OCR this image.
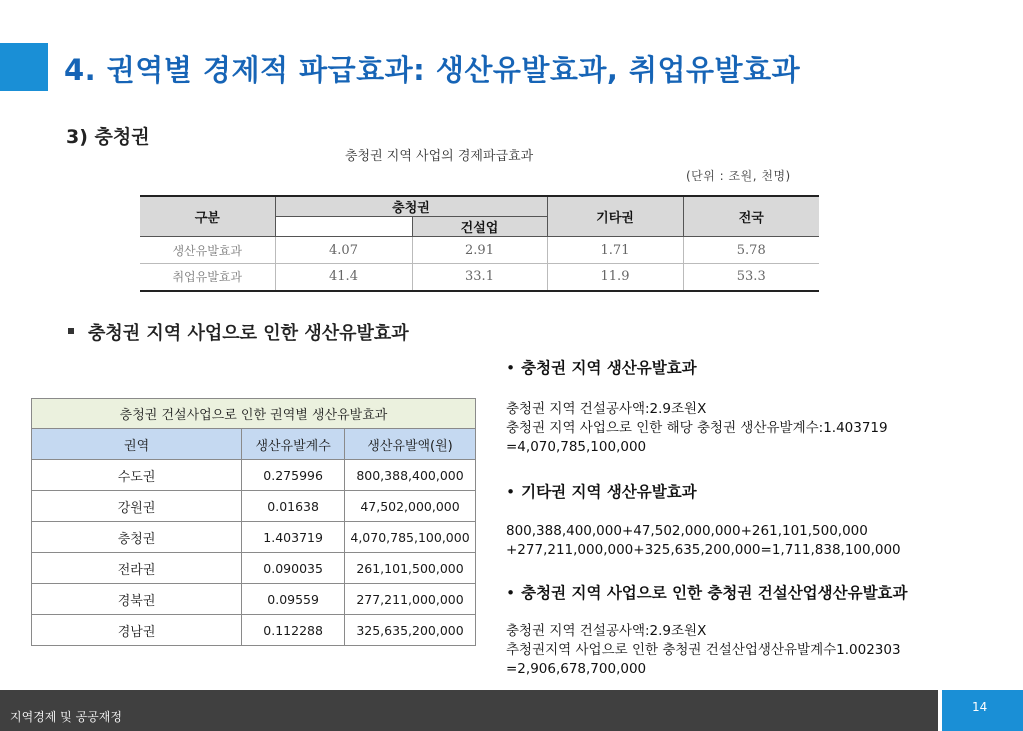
4. 권역별 경제적 파급효과: 생산유발효과, 취업유발효과
3) 충청권
충청권 지역 사업의 경제파급효과
(단위 : 조원, 천명)
구분	충청권		기타권	전국
		건설업		
생산유발효과	4.07	2.91	1.71	5.78
취업유발효과	41.4	33.1	11.9	53.3
충청권 지역 사업으로 인한 생산유발효과
충청권 건설사업으로 인한 권역별 생산유발효과		
권역	생산유발계수	생산유발액(원)
수도권	0.275996	800,388,400,000
강원권	0.01638	47,502,000,000
충청권	1.403719	4,070,785,100,000
전라권	0.090035	261,101,500,000
경북권	0.09559	277,211,000,000
경남권	0.112288	325,635,200,000
• 충청권 지역 생산유발효과
충청권 지역 건설공사액:2.9조원X
충청권 지역 사업으로 인한 해당 충청권 생산유발계수:1.403719
=4,070,785,100,000
• 기타권 지역 생산유발효과
800,388,400,000+47,502,000,000+261,101,500,000
+277,211,000,000+325,635,200,000=1,711,838,100,000
• 충청권 지역 사업으로 인한 충청권 건설산업생산유발효과
충청권 지역 건설공사액:2.9조원X
추청권지역 사업으로 인한 충청권 건설산업생산유발계수1.002303
=2,906,678,700,000
지역경제 및 공공재정
14
